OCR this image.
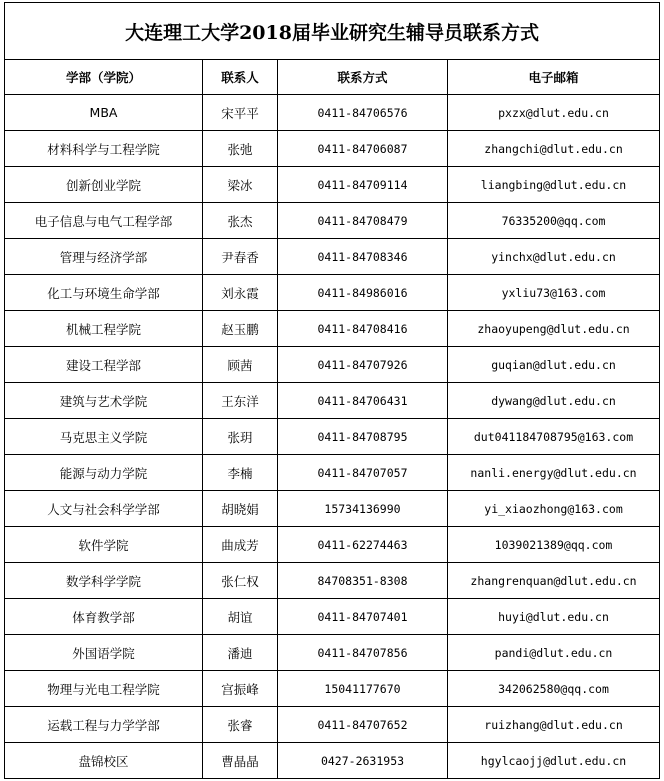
大连理工大学2018届毕业研究生辅导员联系方式			
学部（学院）	联系人	联系方式	电子邮箱
MBA	宋平平	0411-84706576	pxzx@dlut.edu.cn
材料科学与工程学院	张弛	0411-84706087	zhangchi@dlut.edu.cn
创新创业学院	梁冰	0411-84709114	liangbing@dlut.edu.cn
电子信息与电气工程学部	张杰	0411-84708479	76335200@qq.com
管理与经济学部	尹春香	0411-84708346	yinchx@dlut.edu.cn
化工与环境生命学部	刘永霞	0411-84986016	yxliu73@163.com
机械工程学院	赵玉鹏	0411-84708416	zhaoyupeng@dlut.edu.cn
建设工程学部	顾茜	0411-84707926	guqian@dlut.edu.cn
建筑与艺术学院	王东洋	0411-84706431	dywang@dlut.edu.cn
马克思主义学院	张玥	0411-84708795	dut041184708795@163.com
能源与动力学院	李楠	0411-84707057	nanli.energy@dlut.edu.cn
人文与社会科学学部	胡晓娟	15734136990	yi_xiaozhong@163.com
软件学院	曲成芳	0411-62274463	1039021389@qq.com
数学科学学院	张仁权	84708351-8308	zhangrenquan@dlut.edu.cn
体育教学部	胡谊	0411-84707401	huyi@dlut.edu.cn
外国语学院	潘迪	0411-84707856	pandi@dlut.edu.cn
物理与光电工程学院	宫振峰	15041177670	342062580@qq.com
运载工程与力学学部	张睿	0411-84707652	ruizhang@dlut.edu.cn
盘锦校区	曹晶晶	0427-2631953	hgylcaojj@dlut.edu.cn
